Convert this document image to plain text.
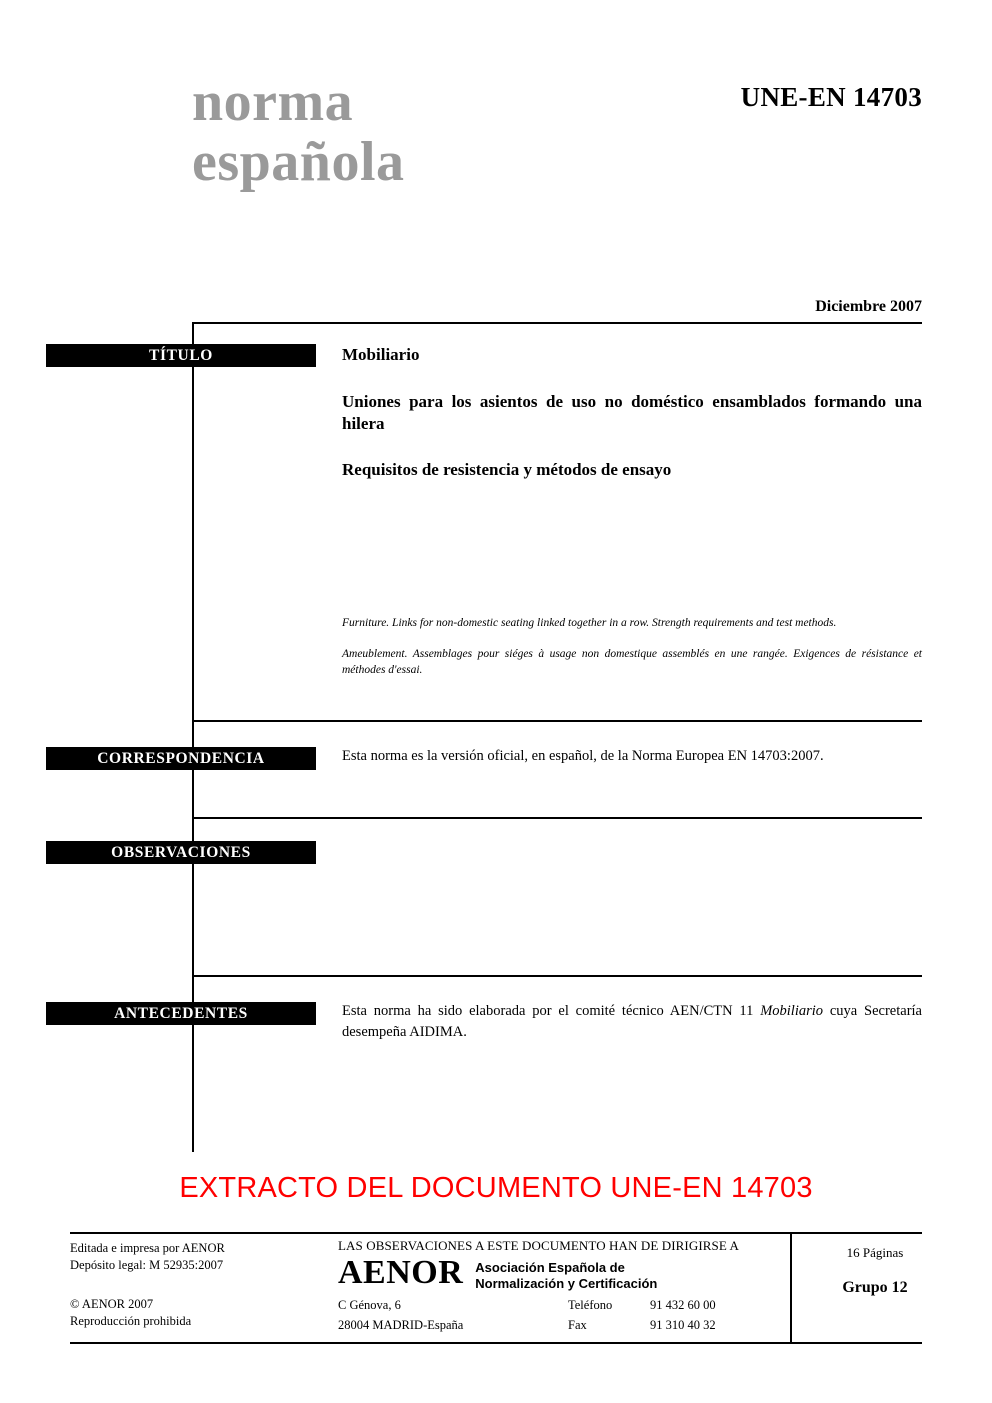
norma
española
UNE-EN 14703
Diciembre 2007
TÍTULO	Mobiliario

Uniones para los asientos de uso no doméstico ensamblados formando una hilera

Requisitos de resistencia y métodos de ensayo

Furniture. Links for non-domestic seating linked together in a row. Strength requirements and test methods.

Ameublement. Assemblages pour siéges à usage non domestique assemblés en une rangée. Exigences de résistance et méthodes d'essai.

CORRESPONDENCIA	Esta norma es la versión oficial, en español, de la Norma Europea EN 14703:2007.

OBSERVACIONES

ANTECEDENTES	Esta norma ha sido elaborada por el comité técnico AEN/CTN 11 Mobiliario cuya Secretaría desempeña AIDIMA.

EXTRACTO DEL DOCUMENTO UNE-EN 14703
Editada e impresa por AENOR
Depósito legal: M 52935:2007
© AENOR 2007
Reproducción prohibida
LAS OBSERVACIONES A ESTE DOCUMENTO HAN DE DIRIGIRSE A
AENOR Asociación Española de
Normalización y Certificación
C Génova, 6	Teléfono	91 432 60 00
28004 MADRID-España	Fax	91 310 40 32
16 Páginas
Grupo 12
